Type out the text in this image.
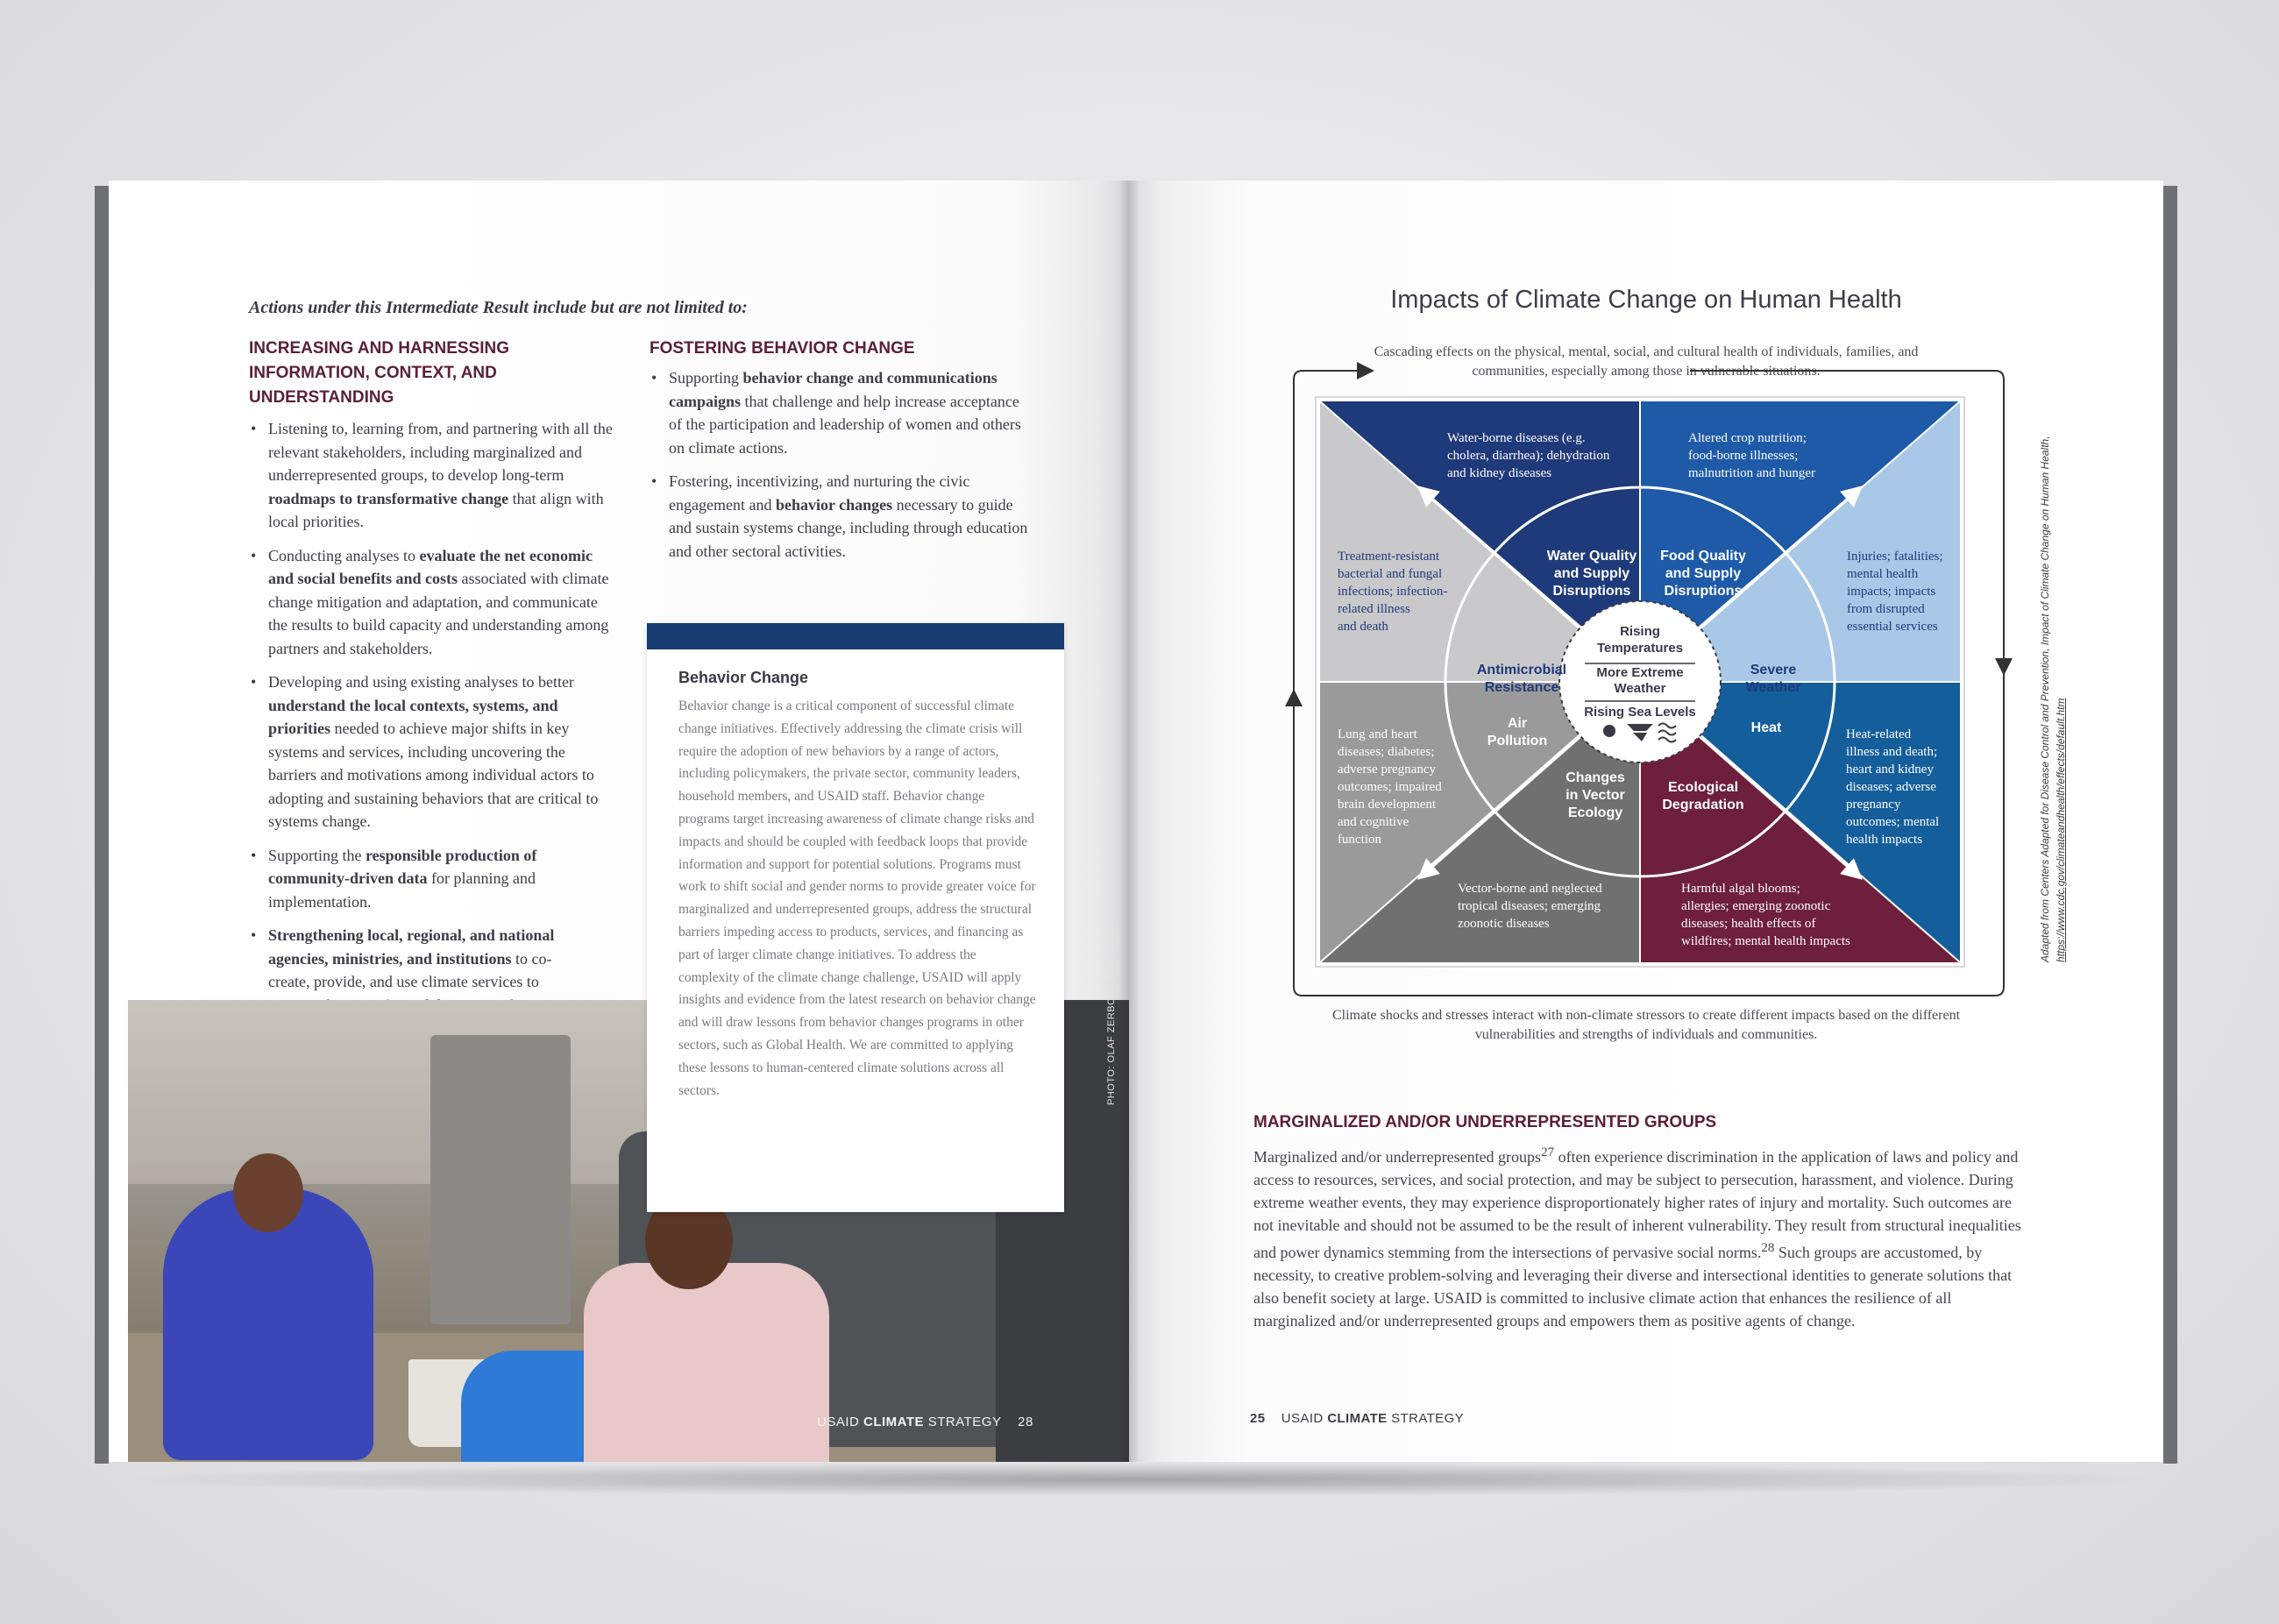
Actions under this Intermediate Result include but are not limited to:
INCREASING AND HARNESSING
INFORMATION, CONTEXT, AND
UNDERSTANDING
• Listening to, learning from, and partnering with all the relevant stakeholders, including marginalized and underrepresented groups, to develop long-term roadmaps to transformative change that align with local priorities.
• Conducting analyses to evaluate the net economic and social benefits and costs associated with climate change mitigation and adaptation, and communicate the results to build capacity and understanding among partners and stakeholders.
• Developing and using existing analyses to better understand the local contexts, systems, and priorities needed to achieve major shifts in key systems and services, including uncovering the barriers and motivations among individual actors to adopting and sustaining behaviors that are critical to systems change.
• Supporting the responsible production of community-driven data for planning and implementation.
• Strengthening local, regional, and national agencies, ministries, and institutions to co-create, provide, and use climate services to
FOSTERING BEHAVIOR CHANGE
• Supporting behavior change and communications campaigns that challenge and help increase acceptance of the participation and leadership of women and others on climate actions.
• Fostering, incentivizing, and nurturing the civic engagement and behavior changes necessary to guide and sustain systems change, including through education and other sectoral activities.
PHOTO: OLAF ZERBOCK FOR USAID
Behavior Change
Behavior change is a critical component of successful climate change initiatives. Effectively addressing the climate crisis will require the adoption of new behaviors by a range of actors, including policymakers, the private sector, community leaders, household members, and USAID staff. Behavior change programs target increasing awareness of climate change risks and impacts and should be coupled with feedback loops that provide information and support for potential solutions. Programs must work to shift social and gender norms to provide greater voice for marginalized and underrepresented groups, address the structural barriers impeding access to products, services, and financing as part of larger climate change initiatives. To address the complexity of the climate change challenge, USAID will apply insights and evidence from the latest research on behavior change and will draw lessons from behavior changes programs in other sectors, such as Global Health. We are committed to applying these lessons to human-centered climate solutions across all sectors.
USAID CLIMATE STRATEGY 28
Impacts of Climate Change on Human Health
Cascading effects on the physical, mental, social, and cultural health of individuals, families, and communities, especially among those in vulnerable situations.
Rising
Temperatures
More Extreme
Weather
Rising Sea Levels
Water Quality
and Supply
Disruptions
Food Quality
and Supply
Disruptions
Severe
Weather
Heat
Ecological
Degradation
Changes
in Vector
Ecology
Air
Pollution
Antimicrobial
Resistance
Water-borne diseases (e.g. cholera, diarrhea); dehydration and kidney diseases
Altered crop nutrition; food-borne illnesses; malnutrition and hunger
Injuries; fatalities; mental health impacts; impacts from disrupted essential services
Heat-related illness and death; heart and kidney diseases; adverse pregnancy outcomes; mental health impacts
Harmful algal blooms; allergies; emerging zoonotic diseases; health effects of wildfires; mental health impacts
Vector-borne and neglected tropical diseases; emerging zoonotic diseases
Lung and heart diseases; diabetes; adverse pregnancy outcomes; impaired brain development and cognitive function
Treatment-resistant bacterial and fungal infections; infection- related illness and death
Climate shocks and stresses interact with non-climate stressors to create different impacts based on the different vulnerabilities and strengths of individuals and communities.
Adapted from Centers Adapted for Disease Control and Prevention, Impact of Climate Change on Human Health, https://www.cdc.gov/climateandhealth/effects/default.htm
MARGINALIZED AND/OR UNDERREPRESENTED GROUPS
Marginalized and/or underrepresented groups$^{27}$ often experience discrimination in the application of laws and policy and access to resources, services, and social protection, and may be subject to persecution, harassment, and violence. During extreme weather events, they may experience disproportionately higher rates of injury and mortality. Such outcomes are not inevitable and should not be assumed to be the result of inherent vulnerability. They result from structural inequalities and power dynamics stemming from the intersections of pervasive social norms.$^{28}$ Such groups are accustomed, by necessity, to creative problem-solving and leveraging their diverse and intersectional identities to generate solutions that also benefit society at large. USAID is committed to inclusive climate action that enhances the resilience of all marginalized and/or underrepresented groups and empowers them as positive agents of change.
25 USAID CLIMATE STRATEGY
